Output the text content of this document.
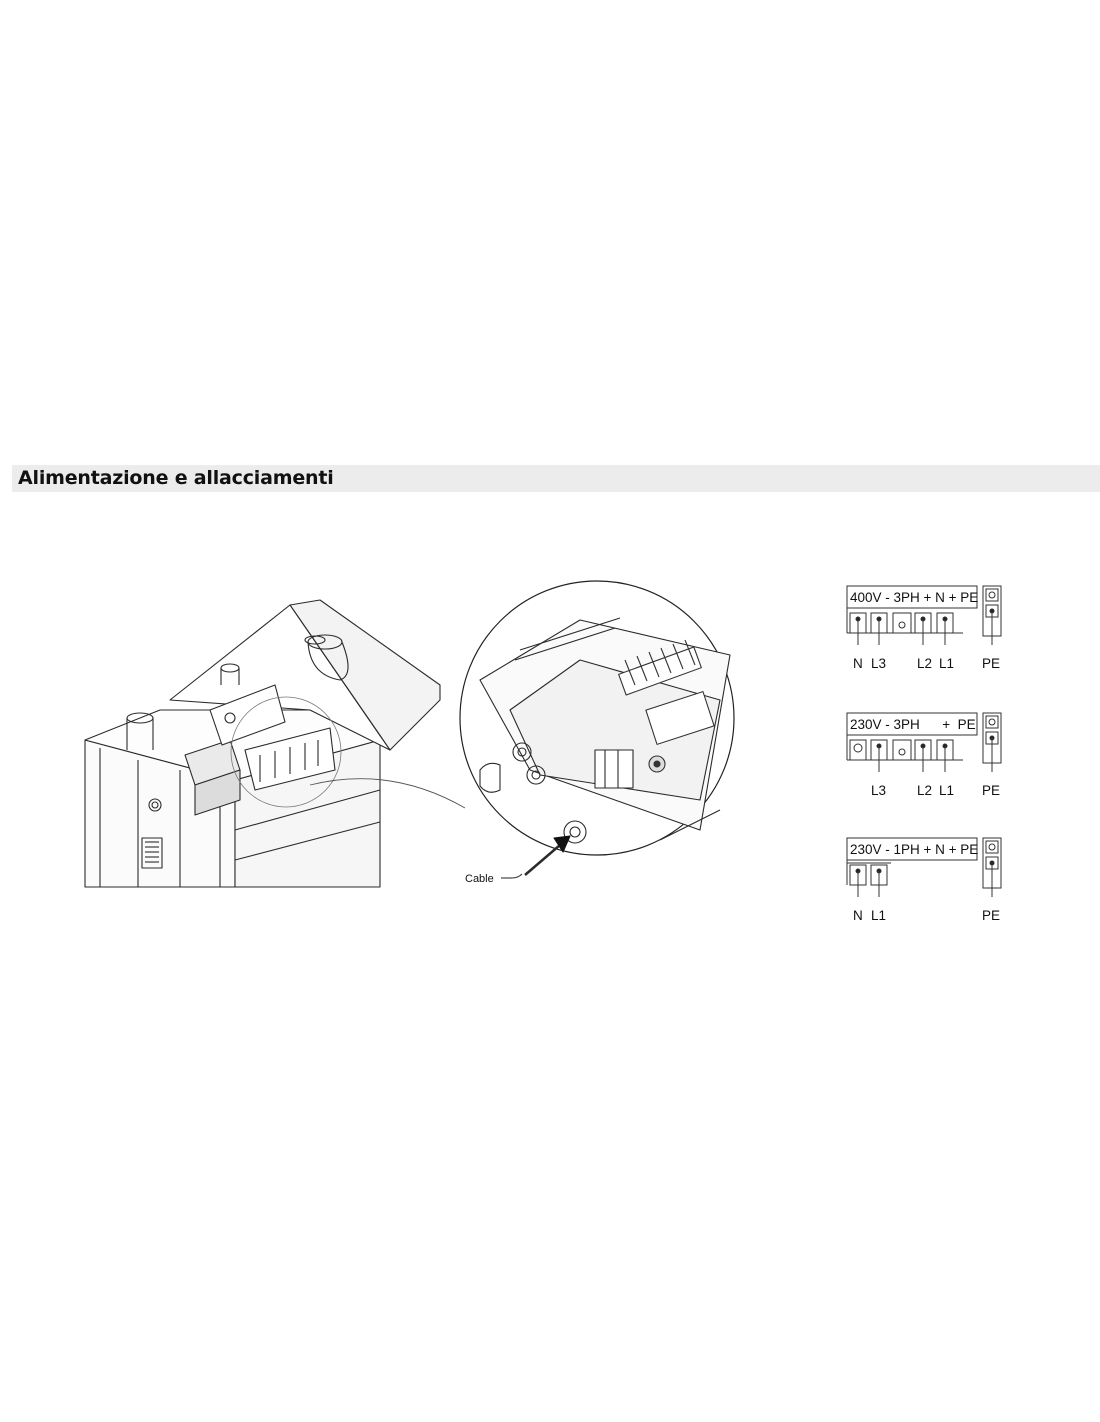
Alimentazione e allacciamenti
Cable
400V - 3PH + N + PE
N L3 L2 L1 PE
230V - 3PH      +  PE
L3 L2 L1 PE
230V - 1PH + N + PE
N L1	PE
